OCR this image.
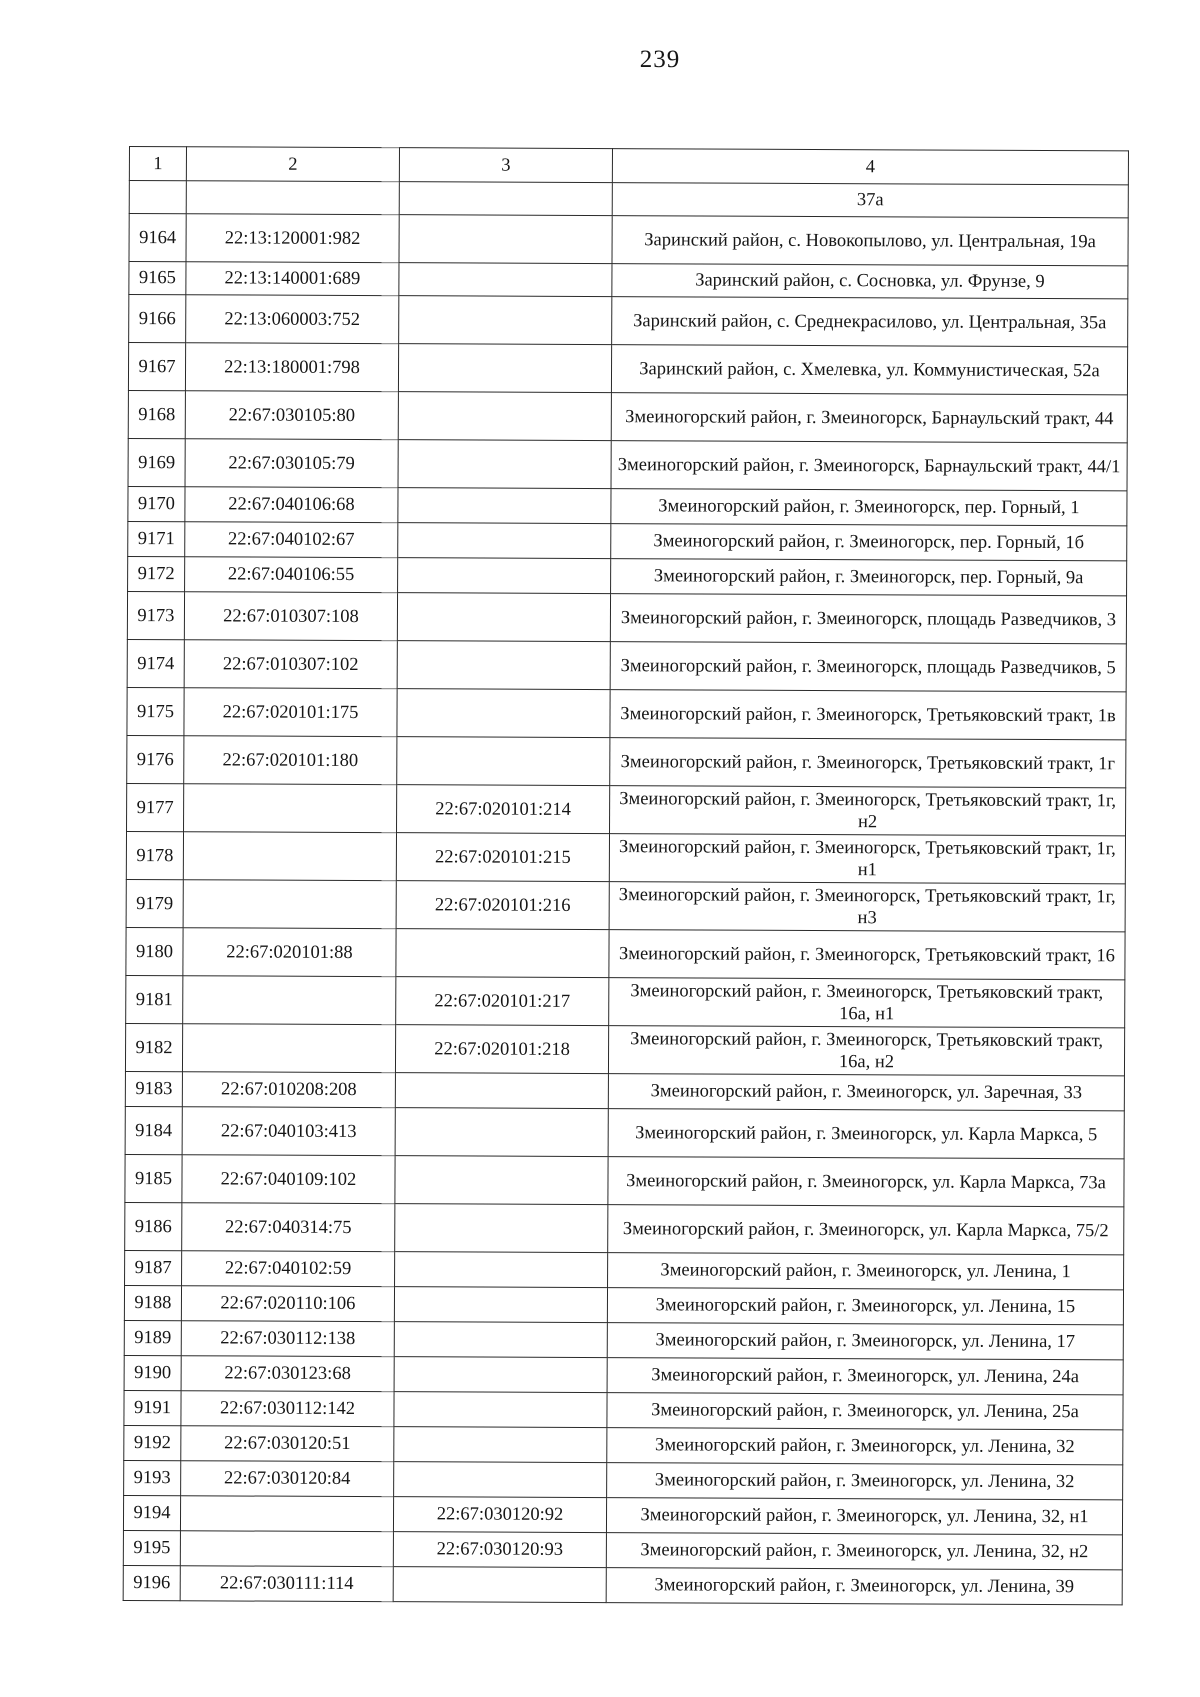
239
1	2	3	4
			37а
9164	22:13:120001:982		Заринский район, с. Новокопылово, ул. Центральная, 19а
9165	22:13:140001:689		Заринский район, с. Сосновка, ул. Фрунзе, 9
9166	22:13:060003:752		Заринский район, с. Среднекрасилово, ул. Центральная, 35а
9167	22:13:180001:798		Заринский район, с. Хмелевка, ул. Коммунистическая, 52а
9168	22:67:030105:80		Змеиногорский район, г. Змеиногорск, Барнаульский тракт, 44
9169	22:67:030105:79		Змеиногорский район, г. Змеиногорск, Барнаульский тракт, 44/1
9170	22:67:040106:68		Змеиногорский район, г. Змеиногорск, пер. Горный, 1
9171	22:67:040102:67		Змеиногорский район, г. Змеиногорск, пер. Горный, 1б
9172	22:67:040106:55		Змеиногорский район, г. Змеиногорск, пер. Горный, 9а
9173	22:67:010307:108		Змеиногорский район, г. Змеиногорск, площадь Разведчиков, 3
9174	22:67:010307:102		Змеиногорский район, г. Змеиногорск, площадь Разведчиков, 5
9175	22:67:020101:175		Змеиногорский район, г. Змеиногорск, Третьяковский тракт, 1в
9176	22:67:020101:180		Змеиногорский район, г. Змеиногорск, Третьяковский тракт, 1г
9177		22:67:020101:214	Змеиногорский район, г. Змеиногорск, Третьяковский тракт, 1г, н2
9178		22:67:020101:215	Змеиногорский район, г. Змеиногорск, Третьяковский тракт, 1г, н1
9179		22:67:020101:216	Змеиногорский район, г. Змеиногорск, Третьяковский тракт, 1г, н3
9180	22:67:020101:88		Змеиногорский район, г. Змеиногорск, Третьяковский тракт, 16
9181		22:67:020101:217	Змеиногорский район, г. Змеиногорск, Третьяковский тракт, 16а, н1
9182		22:67:020101:218	Змеиногорский район, г. Змеиногорск, Третьяковский тракт, 16а, н2
9183	22:67:010208:208		Змеиногорский район, г. Змеиногорск, ул. Заречная, 33
9184	22:67:040103:413		Змеиногорский район, г. Змеиногорск, ул. Карла Маркса, 5
9185	22:67:040109:102		Змеиногорский район, г. Змеиногорск, ул. Карла Маркса, 73а
9186	22:67:040314:75		Змеиногорский район, г. Змеиногорск, ул. Карла Маркса, 75/2
9187	22:67:040102:59		Змеиногорский район, г. Змеиногорск, ул. Ленина, 1
9188	22:67:020110:106		Змеиногорский район, г. Змеиногорск, ул. Ленина, 15
9189	22:67:030112:138		Змеиногорский район, г. Змеиногорск, ул. Ленина, 17
9190	22:67:030123:68		Змеиногорский район, г. Змеиногорск, ул. Ленина, 24а
9191	22:67:030112:142		Змеиногорский район, г. Змеиногорск, ул. Ленина, 25а
9192	22:67:030120:51		Змеиногорский район, г. Змеиногорск, ул. Ленина, 32
9193	22:67:030120:84		Змеиногорский район, г. Змеиногорск, ул. Ленина, 32
9194		22:67:030120:92	Змеиногорский район, г. Змеиногорск, ул. Ленина, 32, н1
9195		22:67:030120:93	Змеиногорский район, г. Змеиногорск, ул. Ленина, 32, н2
9196	22:67:030111:114		Змеиногорский район, г. Змеиногорск, ул. Ленина, 39
